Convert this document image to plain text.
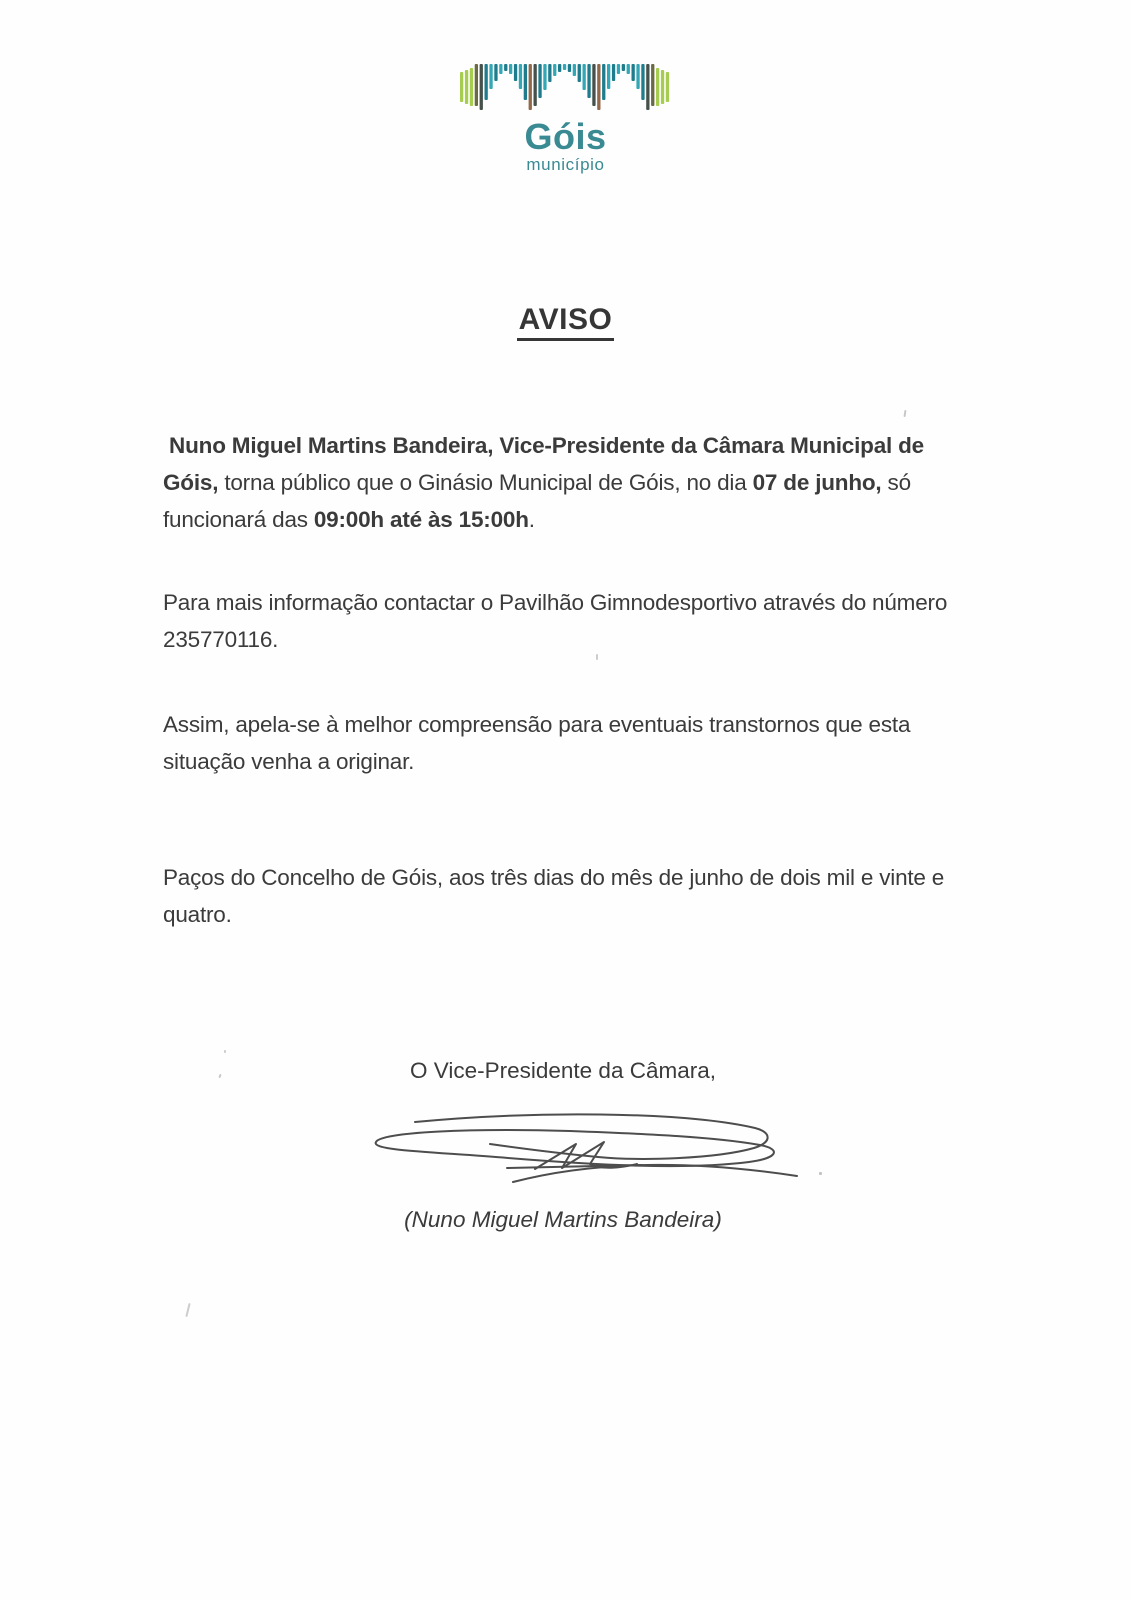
Góis
município
AVISO
Nuno Miguel Martins Bandeira, Vice-Presidente da Câmara Municipal de
Góis, torna público que o Ginásio Municipal de Góis, no dia 07 de junho, só
funcionará das 09:00h até às 15:00h.
Para mais informação contactar o Pavilhão Gimnodesportivo através do número
235770116.
Assim, apela-se à melhor compreensão para eventuais transtornos que esta
situação venha a originar.
Paços do Concelho de Góis, aos três dias do mês de junho de dois mil e vinte e
quatro.
O Vice-Presidente da Câmara,
(Nuno Miguel Martins Bandeira)
